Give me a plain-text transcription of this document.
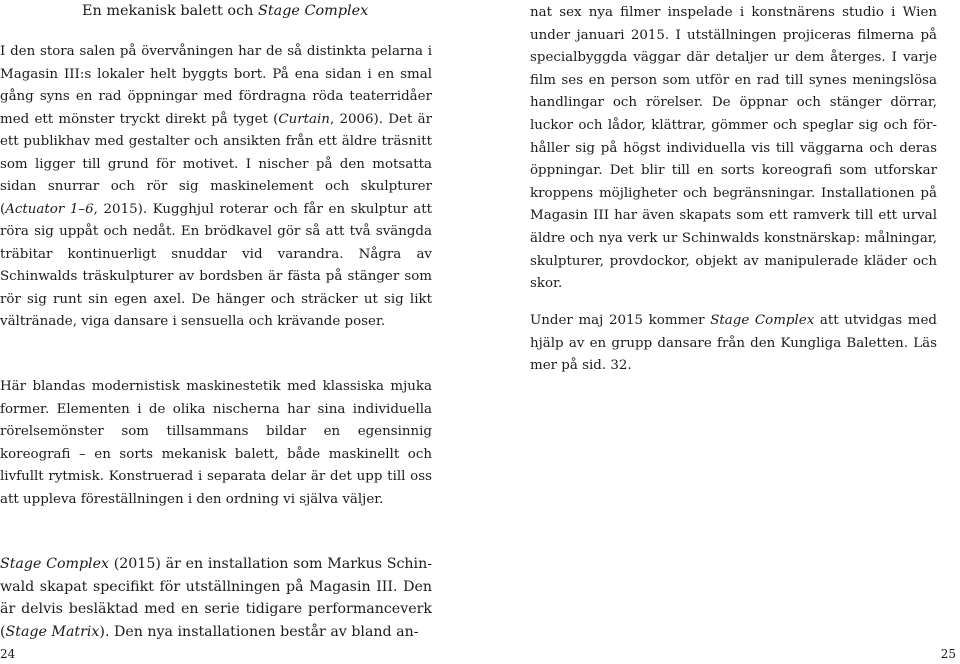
En mekanisk balett och Stage Complex
I den stora salen på övervåningen har de så distinkta pelarna i Magasin III:s lokaler helt byggts bort. På ena sidan i en smal gång syns en rad öppningar med fördragna röda teaterridåer med ett mönster tryckt direkt på tyget (Curtain, 2006). Det är ett publikhav med gestalter och ansikten från ett äldre träsnitt som ligger till grund för motivet. I nischer på den motsatta sidan snurrar och rör sig maskinelement och skulpturer (Actuator 1–6, 2015). Kugghjul roterar och får en skulptur att röra sig uppåt och nedåt. En brödkavel gör så att två svängda träbitar kontinuerligt snuddar vid varandra. Några av Schinwalds träskulpturer av bordsben är fästa på stänger som rör sig runt sin egen axel. De hänger och sträcker ut sig likt vältränade, viga dansare i sensuella och krävande poser.
Här blandas modernistisk maskinestetik med klassiska mjuka former. Elementen i de olika nischerna har sina individuella rörelsemönster som tillsammans bildar en egensinnig koreografi – en sorts mekanisk balett, både maskinellt och livfullt rytmisk. Konstruerad i separata delar är det upp till oss att uppleva föreställningen i den ordning vi själva väljer.
Stage Complex (2015) är en installation som Markus Schinwald skapat specifikt för utställningen på Magasin III. Den är delvis besläktad med en serie tidigare performanceverk (Stage Matrix). Den nya installationen består av bland an-
24
nat sex nya filmer inspelade i konstnärens studio i Wien under januari 2015. I utställningen projiceras filmerna på specialbyggda väggar där detaljer ur dem återges. I varje film ses en person som utför en rad till synes meningslösa handlingar och rörelser. De öppnar och stänger dörrar, luckor och lådor, klättrar, gömmer och speglar sig och förhåller sig på högst individuella vis till väggarna och deras öppningar. Det blir till en sorts koreografi som utforskar kroppens möjligheter och begränsningar. Installationen på Magasin III har även skapats som ett ramverk till ett urval äldre och nya verk ur Schinwalds konstnärskap: målningar, skulpturer, provdockor, objekt av manipulerade kläder och skor.
Under maj 2015 kommer Stage Complex att utvidgas med hjälp av en grupp dansare från den Kungliga Baletten. Läs mer på sid. 32.
25
